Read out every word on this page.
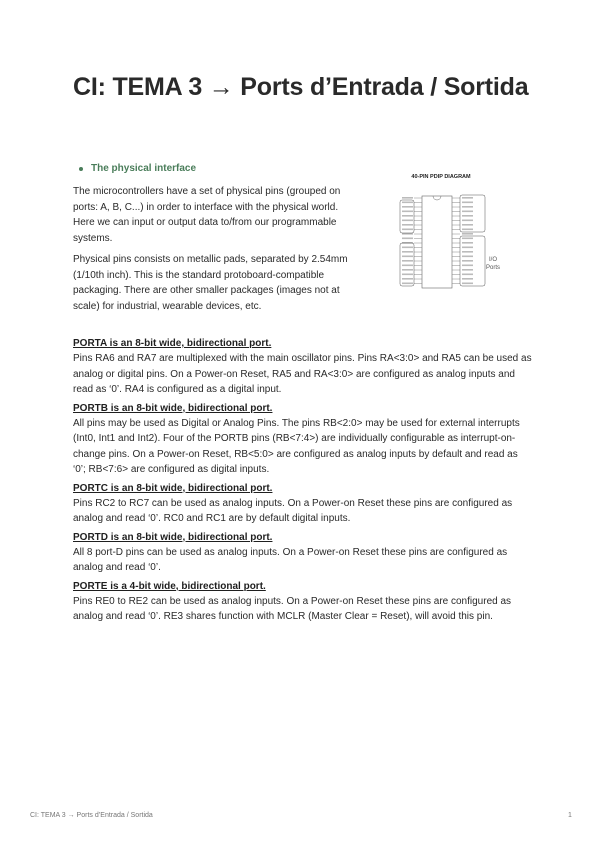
CI: TEMA 3 → Ports d’Entrada / Sortida
The physical interface

The microcontrollers have a set of physical pins (grouped on ports: A, B, C...) in order to interface with the physical world. Here we can input or output data to/from our programmable systems.

Physical pins consists on metallic pads, separated by 2.54mm (1/10th inch). This is the standard protoboard-compatible packaging. There are other smaller packages (images not at scale) for industrial, wearable devices, etc.

40-PIN PDIP DIAGRAM
I/O
Ports

PORTA is an 8-bit wide, bidirectional port.

Pins RA6 and RA7 are multiplexed with the main oscillator pins. Pins RA<3:0> and RA5 can be used as analog or digital pins. On a Power-on Reset, RA5 and RA<3:0> are configured as analog inputs and read as ‘0’. RA4 is configured as a digital input.

PORTB is an 8-bit wide, bidirectional port.

All pins may be used as Digital or Analog Pins. The pins RB<2:0> may be used for external interrupts (Int0, Int1 and Int2). Four of the PORTB pins (RB<7:4>) are individually configurable as interrupt-on-change pins. On a Power-on Reset, RB<5:0> are configured as analog inputs by default and read as ‘0’; RB<7:6> are configured as digital inputs.

PORTC is an 8-bit wide, bidirectional port.

Pins RC2 to RC7 can be used as analog inputs. On a Power-on Reset these pins are configured as analog and read ‘0’. RC0 and RC1 are by default digital inputs.

PORTD is an 8-bit wide, bidirectional port.

All 8 port-D pins can be used as analog inputs. On a Power-on Reset these pins are configured as analog and read ‘0’.

PORTE is a 4-bit wide, bidirectional port.

Pins RE0 to RE2 can be used as analog inputs. On a Power-on Reset these pins are configured as analog and read ‘0’. RE3 shares function with MCLR (Master Clear = Reset), will avoid this pin.

CI: TEMA 3 → Ports d’Entrada / Sortida	1
